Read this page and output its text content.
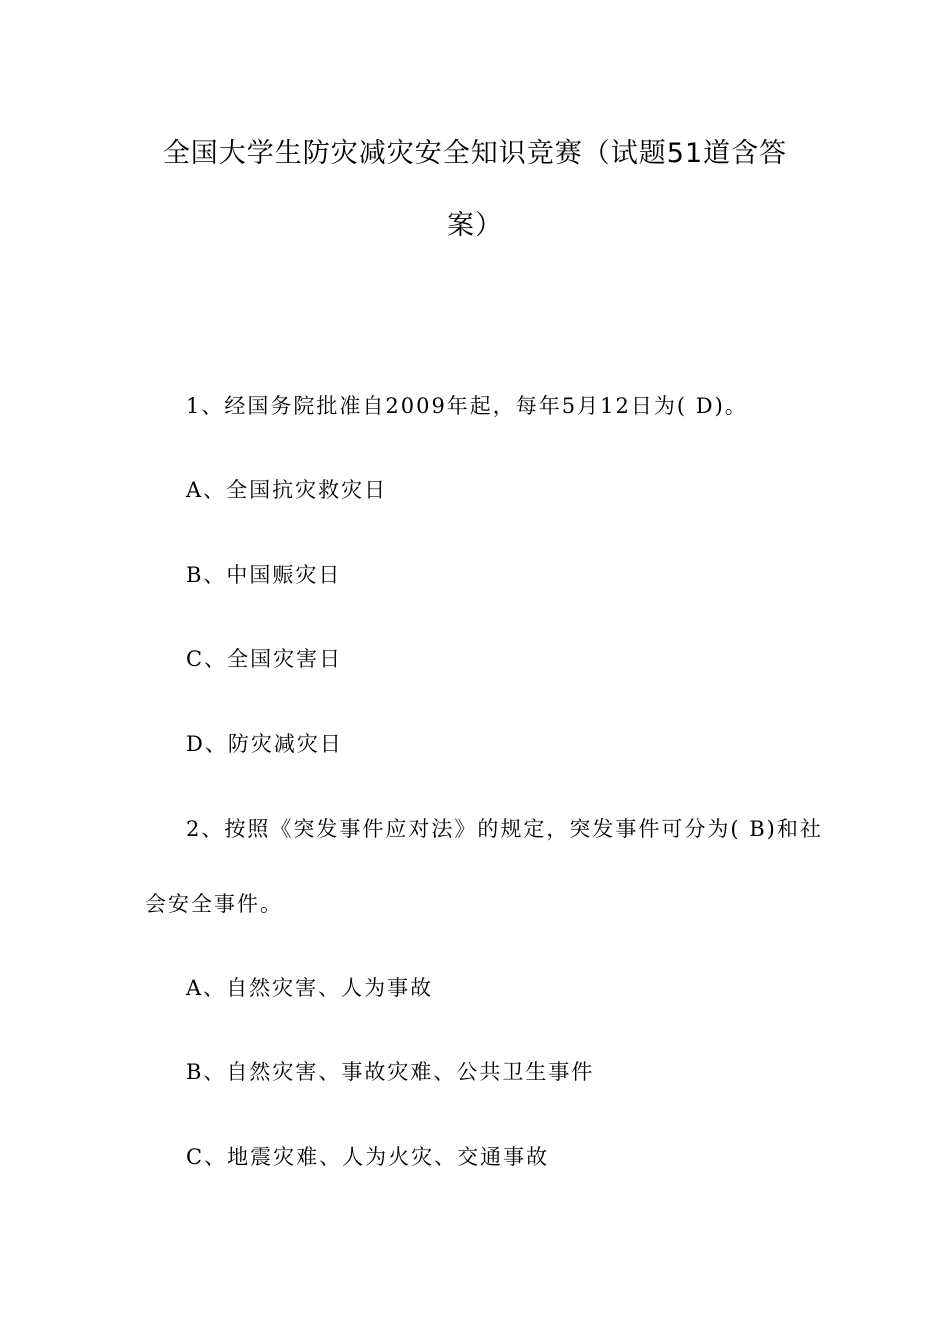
全国大学生防灾减灾安全知识竞赛（试题51道含答
案）
1、经国务院批准自2009年起，每年5月12日为( D)。
A、全国抗灾救灾日
B、中国赈灾日
C、全国灾害日
D、防灾减灾日
2、按照《突发事件应对法》的规定，突发事件可分为( B)和社
会安全事件。
A、自然灾害、人为事故
B、自然灾害、事故灾难、公共卫生事件
C、地震灾难、人为火灾、交通事故
